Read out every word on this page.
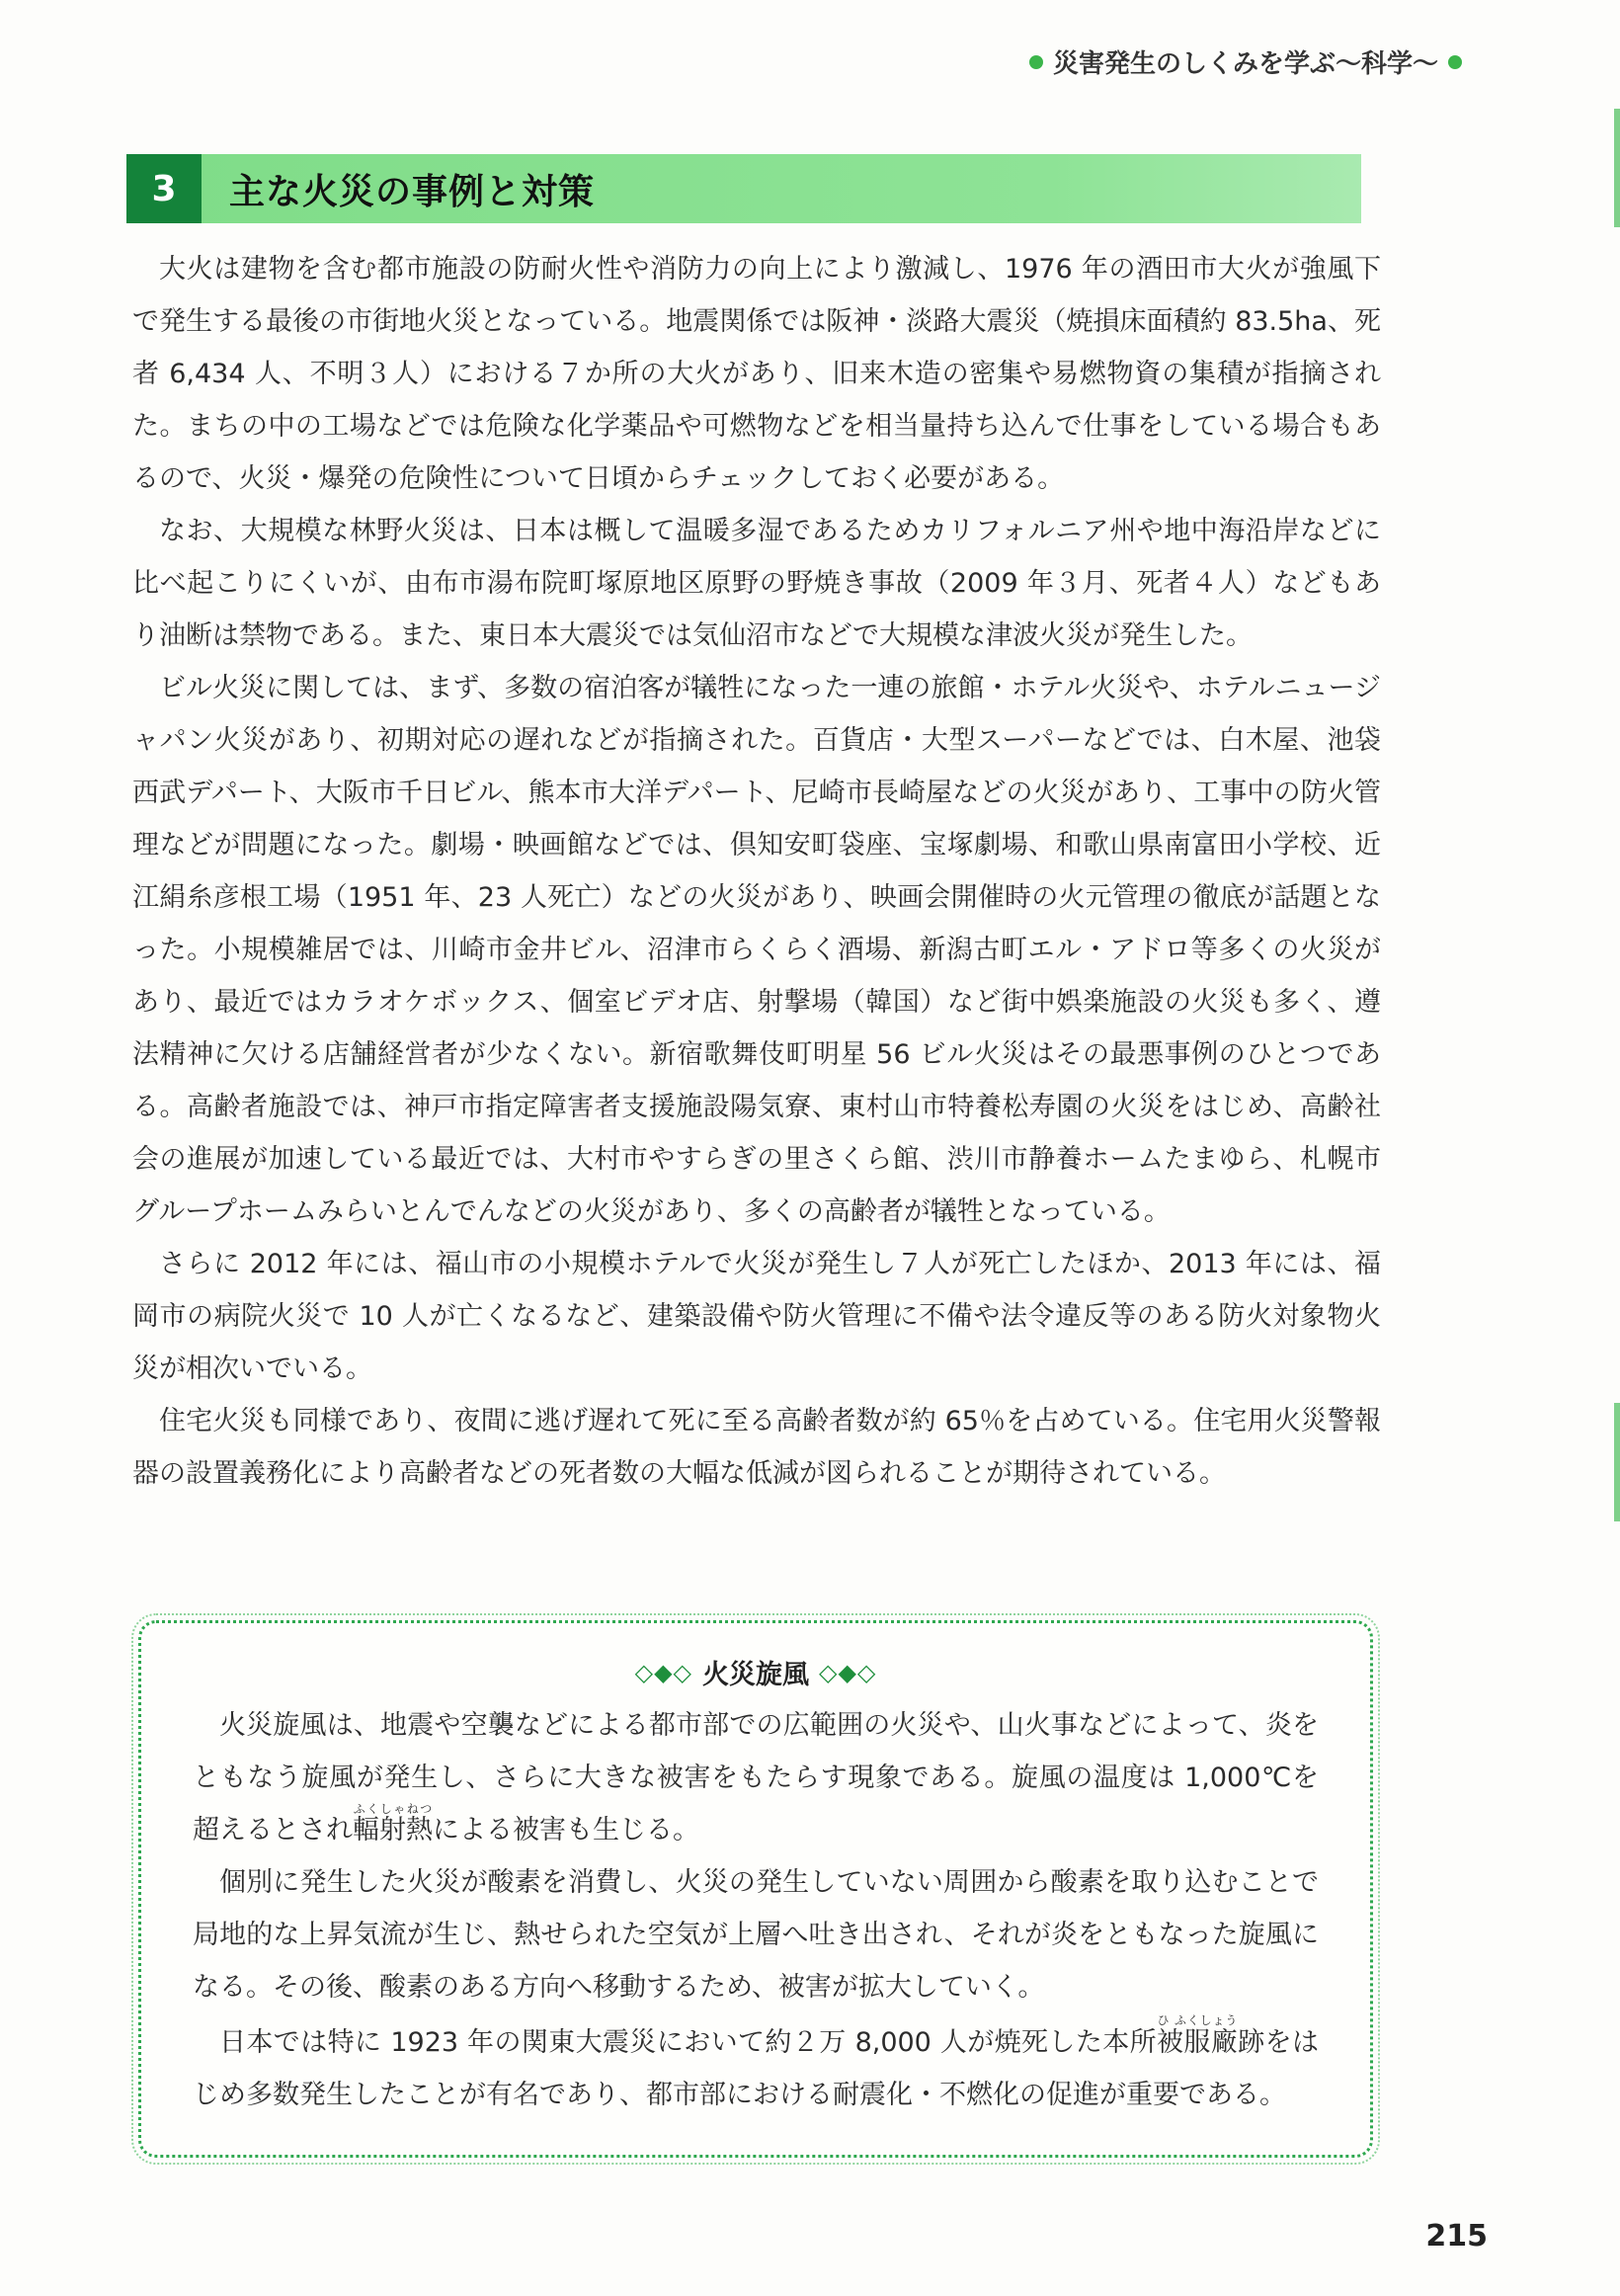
災害発生のしくみを学ぶ～科学～
3	主な火災の事例と対策

大火は建物を含む都市施設の防耐火性や消防力の向上により激減し、1976 年の酒田市大火が強風下で発生する最後の市街地火災となっている。地震関係では阪神・淡路大震災（焼損床面積約 83.5ha、死者 6,434 人、不明３人）における７か所の大火があり、旧来木造の密集や易燃物資の集積が指摘された。まちの中の工場などでは危険な化学薬品や可燃物などを相当量持ち込んで仕事をしている場合もあるので、火災・爆発の危険性について日頃からチェックしておく必要がある。

なお、大規模な林野火災は、日本は概して温暖多湿であるためカリフォルニア州や地中海沿岸などに比べ起こりにくいが、由布市湯布院町塚原地区原野の野焼き事故（2009 年３月、死者４人）などもあり油断は禁物である。また、東日本大震災では気仙沼市などで大規模な津波火災が発生した。

ビル火災に関しては、まず、多数の宿泊客が犠牲になった一連の旅館・ホテル火災や、ホテルニュージャパン火災があり、初期対応の遅れなどが指摘された。百貨店・大型スーパーなどでは、白木屋、池袋西武デパート、大阪市千日ビル、熊本市大洋デパート、尼崎市長崎屋などの火災があり、工事中の防火管理などが問題になった。劇場・映画館などでは、倶知安町袋座、宝塚劇場、和歌山県南富田小学校、近江絹糸彦根工場（1951 年、23 人死亡）などの火災があり、映画会開催時の火元管理の徹底が話題となった。小規模雑居では、川崎市金井ビル、沼津市らくらく酒場、新潟古町エル・アドロ等多くの火災があり、最近ではカラオケボックス、個室ビデオ店、射撃場（韓国）など街中娯楽施設の火災も多く、遵法精神に欠ける店舗経営者が少なくない。新宿歌舞伎町明星 56 ビル火災はその最悪事例のひとつである。高齢者施設では、神戸市指定障害者支援施設陽気寮、東村山市特養松寿園の火災をはじめ、高齢社会の進展が加速している最近では、大村市やすらぎの里さくら館、渋川市静養ホームたまゆら、札幌市グループホームみらいとんでんなどの火災があり、多くの高齢者が犠牲となっている。

さらに 2012 年には、福山市の小規模ホテルで火災が発生し７人が死亡したほか、2013 年には、福岡市の病院火災で 10 人が亡くなるなど、建築設備や防火管理に不備や法令違反等のある防火対象物火災が相次いでいる。

住宅火災も同様であり、夜間に逃げ遅れて死に至る高齢者数が約 65％を占めている。住宅用火災警報器の設置義務化により高齢者などの死者数の大幅な低減が図られることが期待されている。

◇◆◇ 火災旋風 ◇◆◇

火災旋風は、地震や空襲などによる都市部での広範囲の火災や、山火事などによって、炎をともなう旋風が発生し、さらに大きな被害をもたらす現象である。旋風の温度は 1,000℃を超えるとされ輻射熱ふくしゃねつによる被害も生じる。

個別に発生した火災が酸素を消費し、火災の発生していない周囲から酸素を取り込むことで局地的な上昇気流が生じ、熱せられた空気が上層へ吐き出され、それが炎をともなった旋風になる。その後、酸素のある方向へ移動するため、被害が拡大していく。

日本では特に 1923 年の関東大震災において約２万 8,000 人が焼死した本所被服廠ひ ふくしょう跡をはじめ多数発生したことが有名であり、都市部における耐震化・不燃化の促進が重要である。

215
